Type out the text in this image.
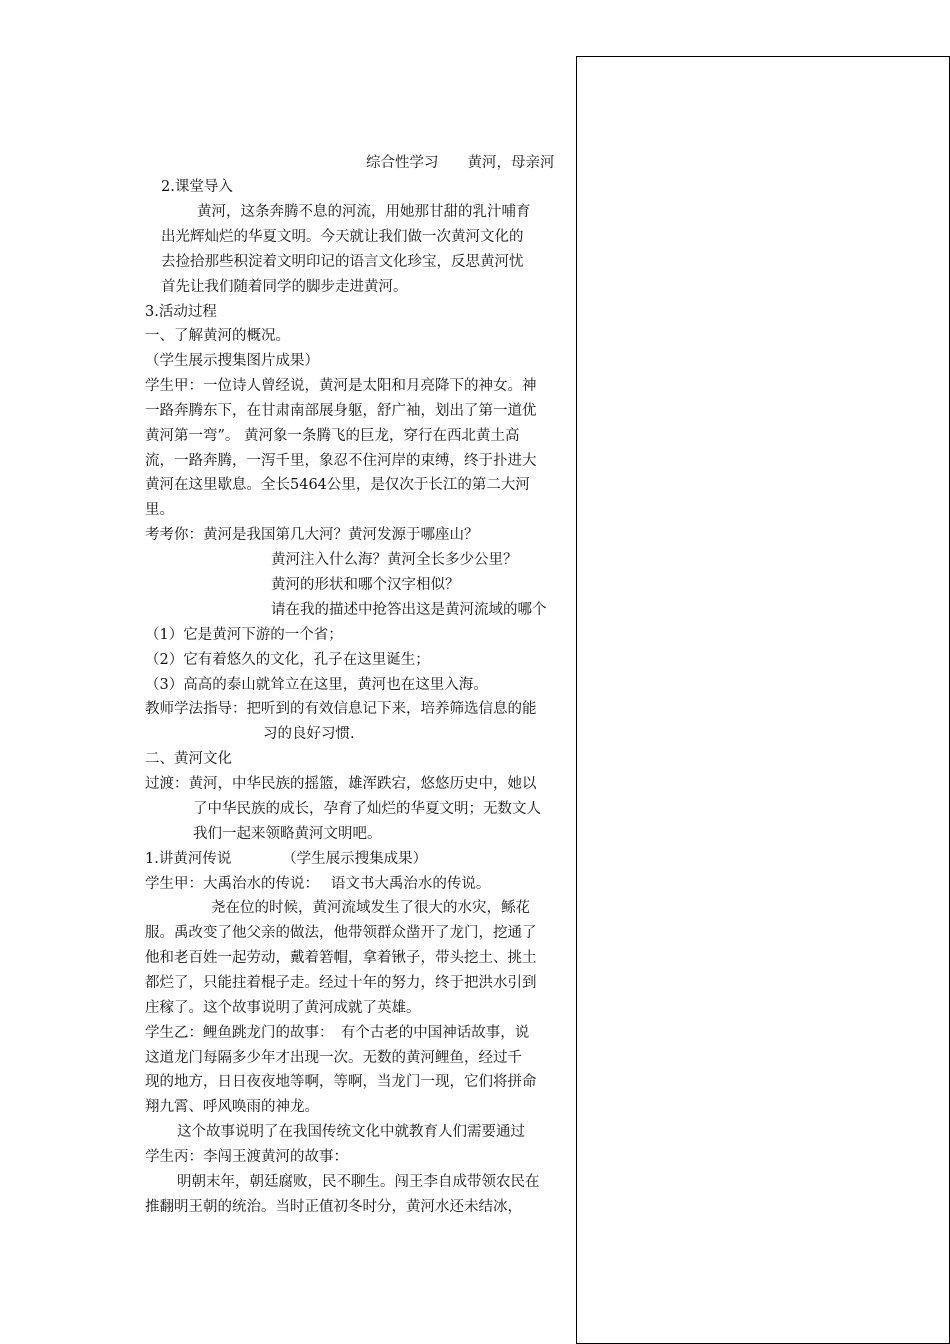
综合性学习　　黄河，母亲河
2.课堂导入
黄河，这条奔腾不息的河流，用她那甘甜的乳汁哺育
出光辉灿烂的华夏文明。今天就让我们做一次黄河文化的
去捡拾那些积淀着文明印记的语言文化珍宝，反思黄河忧
首先让我们随着同学的脚步走进黄河。
3.活动过程
一、了解黄河的概况。
（学生展示搜集图片成果）
学生甲：一位诗人曾经说，黄河是太阳和月亮降下的神女。神
一路奔腾东下，在甘肃南部展身躯，舒广袖，划出了第一道优
黄河第一弯”。 黄河象一条腾飞的巨龙，穿行在西北黄土高
流，一路奔腾，一泻千里，象忍不住河岸的束缚，终于扑进大
黄河在这里歇息。全长5464公里，是仅次于长江的第二大河
里。
考考你：黄河是我国第几大河？黄河发源于哪座山？
黄河注入什么海？黄河全长多少公里？
黄河的形状和哪个汉字相似？
请在我的描述中抢答出这是黄河流域的哪个
（1）它是黄河下游的一个省；
（2）它有着悠久的文化，孔子在这里诞生；
（3）高高的泰山就耸立在这里，黄河也在这里入海。
教师学法指导：把听到的有效信息记下来，培养筛选信息的能
习的良好习惯.
二、黄河文化
过渡：黄河，中华民族的摇篮，雄浑跌宕，悠悠历史中，她以
了中华民族的成长，孕育了灿烂的华夏文明；无数文人
我们一起来领略黄河文明吧。
1.讲黄河传说　　　　（学生展示搜集成果）
学生甲：大禹治水的传说：　 语文书大禹治水的传说。
尧在位的时候，黄河流域发生了很大的水灾，鲧花
服。禹改变了他父亲的做法，他带领群众凿开了龙门，挖通了
他和老百姓一起劳动，戴着箬帽，拿着锹子，带头挖土、挑土
都烂了，只能拄着棍子走。经过十年的努力，终于把洪水引到
庄稼了。这个故事说明了黄河成就了英雄。
学生乙：鲤鱼跳龙门的故事：　有个古老的中国神话故事，说
这道龙门每隔多少年才出现一次。无数的黄河鲤鱼，经过千
现的地方，日日夜夜地等啊，等啊，当龙门一现，它们将拼命
翔九霄、呼风唤雨的神龙。
这个故事说明了在我国传统文化中就教育人们需要通过
学生丙：李闯王渡黄河的故事：
明朝末年，朝廷腐败，民不聊生。闯王李自成带领农民在
推翻明王朝的统治。当时正值初冬时分，黄河水还未结冰，
